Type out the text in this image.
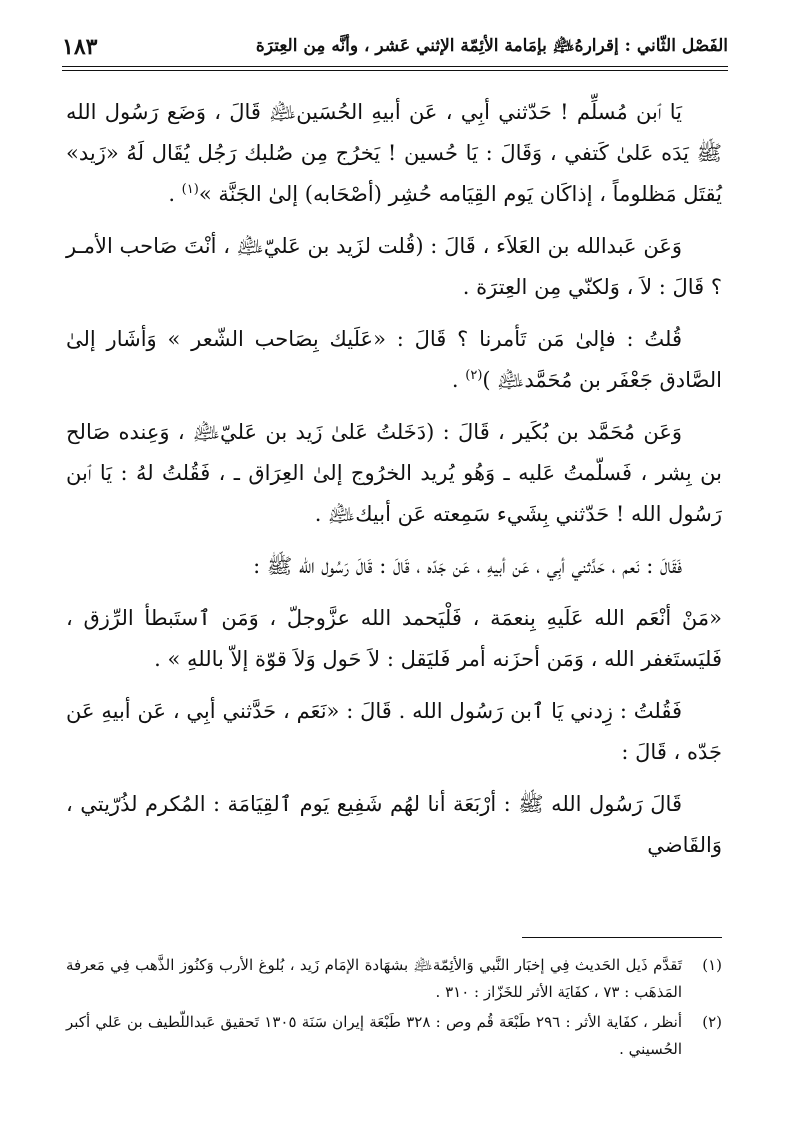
الفَصْل الثّاني : إقرارهُ﵇ بإمَامة الأئِمّة الإثني عَشر ، وأنَّه مِن العِترَة
١٨٣

يَا ٱبن مُسلِّم ! حَدّثني أبِي ، عَن أبيهِ الحُسَين﵇ قَالَ ، وَضَع رَسُول الله ﷺ يَدَه عَلىٰ كَتفي ، وَقَالَ : يَا حُسين ! يَخرُج مِن صُلبك رَجُل يُقَال لَهُ «زَيد» يُقتَل مَظلوماً ، إذاكَان يَوم القِيَامه حُشِر (أصْحَابه) إلىٰ الجَنَّة »$^{(١)}$ .

وَعَن عَبدالله بن العَلاَء ، قَالَ : (قُلت لزَيد بن عَليّ﵇ ، أنْتَ صَاحب الأمـر ؟ قَالَ : لاَ ، وَلكنّي مِن العِترَة .

قُلتُ : فإلىٰ مَن تَأمرنا ؟ قَالَ : «عَلَيك بِصَاحب الشّعر » وَأشَار إلىٰ الصَّادق جَعْفَر بن مُحَمَّد﵇ )$^{(٢)}$ .

وَعَن مُحَمَّد بن بُكَير ، قَالَ : (دَخَلتُ عَلىٰ زَيد بن عَليّ﵇ ، وَعِنده صَالح بن بِشر ، فَسلّمتُ عَليه ـ وَهُو يُريد الخرُوج إلىٰ العِرَاق ـ ، فَقُلتُ لهُ : يَا ٱبن رَسُول الله ! حَدّثني بِشَيء سَمِعته عَن أبيك﵇ .

فَقَالَ : نَعم ، حَدَّثني أبِي ، عَن أبيهِ ، عَن جَدّه ، قَالَ : قَالَ رَسُول الله ﷺ :

«مَنْ أنْعَم الله عَلَيهِ بِنعمَة ، فَلْيَحمد الله عزَّوجلّ ، وَمَن ٱستَبطأ الرِّزق ، فَليَستَغفر الله ، وَمَن أحزَنه أمر فَليَقل : لاَ حَول وَلاَ قوّة إلاّ باللهِ » .

فَقُلتُ : زِدني يَا ٱبن رَسُول الله . قَالَ : «نَعَم ، حَدَّثني أبِي ، عَن أبيهِ عَن جَدّه ، قَالَ :

قَالَ رَسُول الله ﷺ : أرْبَعَة أنا لهُم شَفِيع يَوم ٱلقِيَامَة : المُكرم لذُرّيتي ، وَالقَاضي

(١)
تَقدَّم ذَيل الحَديث فِي إخبَار النَّبي وَالأئِمّة﵇ بشهَادة الإمَام زَيد ، بُلوغ الأرب وَكنُوز الذَّهب فِي مَعرفة المَذهَب : ٧٣ ، كفَايَة الأثر للخَزّاز : ٣١٠ .
(٢)
أنظر ، كفَاية الأثر : ٢٩٦ طَبْعَة قُم وص : ٣٢٨ طَبْعَة إيران سَنَة ١٣٠٥ تَحقيق عَبداللّطيف بن عَلي أكبر الحُسيني .
